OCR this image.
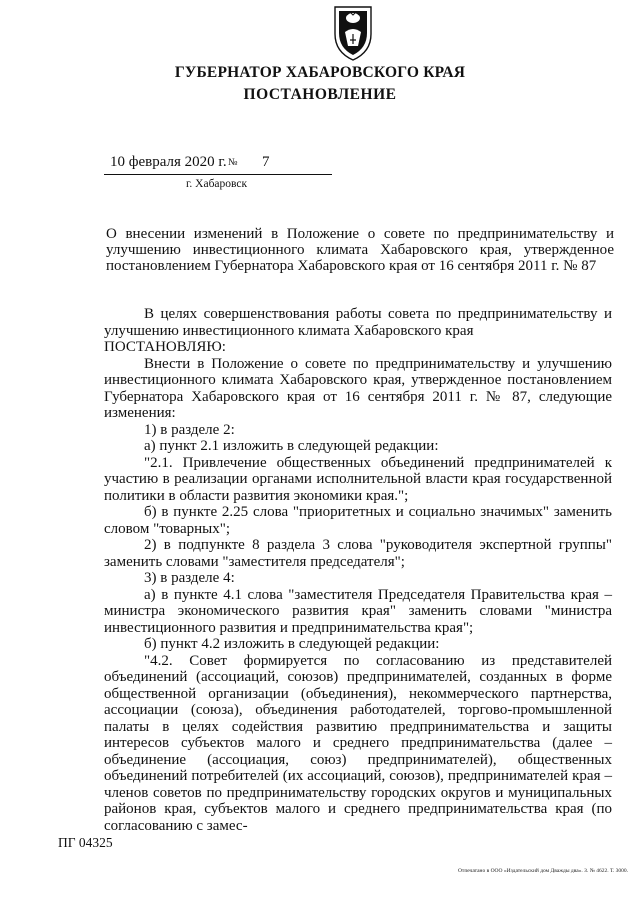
ГУБЕРНАТОР ХАБАРОВСКОГО КРАЯ
ПОСТАНОВЛЕНИЕ
10 февраля 2020 г. № 7
г. Хабаровск
О внесении изменений в Положение о совете по предпринимательству и улучшению инвестиционного климата Хабаровского края, утвержденное постановлением Губернатора Хабаровского края от 16 сентября 2011 г. № 87

В целях совершенствования работы совета по предпринимательству и улучшению инвестиционного климата Хабаровского края

ПОСТАНОВЛЯЮ:

Внести в Положение о совете по предпринимательству и улучшению инвестиционного климата Хабаровского края, утвержденное постановлением Губернатора Хабаровского края от 16 сентября 2011 г. № 87, следующие изменения:

1) в разделе 2:

а) пункт 2.1 изложить в следующей редакции:

"2.1. Привлечение общественных объединений предпринимателей к участию в реализации органами исполнительной власти края государственной политики в области развития экономики края.";

б) в пункте 2.25 слова "приоритетных и социально значимых" заменить словом "товарных";

2) в подпункте 8 раздела 3 слова "руководителя экспертной группы" заменить словами "заместителя председателя";

3) в разделе 4:

а) в пункте 4.1 слова "заместителя Председателя Правительства края – министра экономического развития края" заменить словами "министра инвестиционного развития и предпринимательства края";

б) пункт 4.2 изложить в следующей редакции:

"4.2. Совет формируется по согласованию из представителей объединений (ассоциаций, союзов) предпринимателей, созданных в форме общественной организации (объединения), некоммерческого партнерства, ассоциации (союза), объединения работодателей, торгово-промышленной палаты в целях содействия развитию предпринимательства и защиты интересов субъектов малого и среднего предпринимательства (далее – объединение (ассоциация, союз) предпринимателей), общественных объединений потребителей (их ассоциаций, союзов), предпринимателей края – членов советов по предпринимательству городских округов и муниципальных районов края, субъектов малого и среднего предпринимательства края (по согласованию с замес-

ПГ 04325
Отпечатано в ООО «Издательский дом Дважды два». З. № 4622. Т. 3000.
